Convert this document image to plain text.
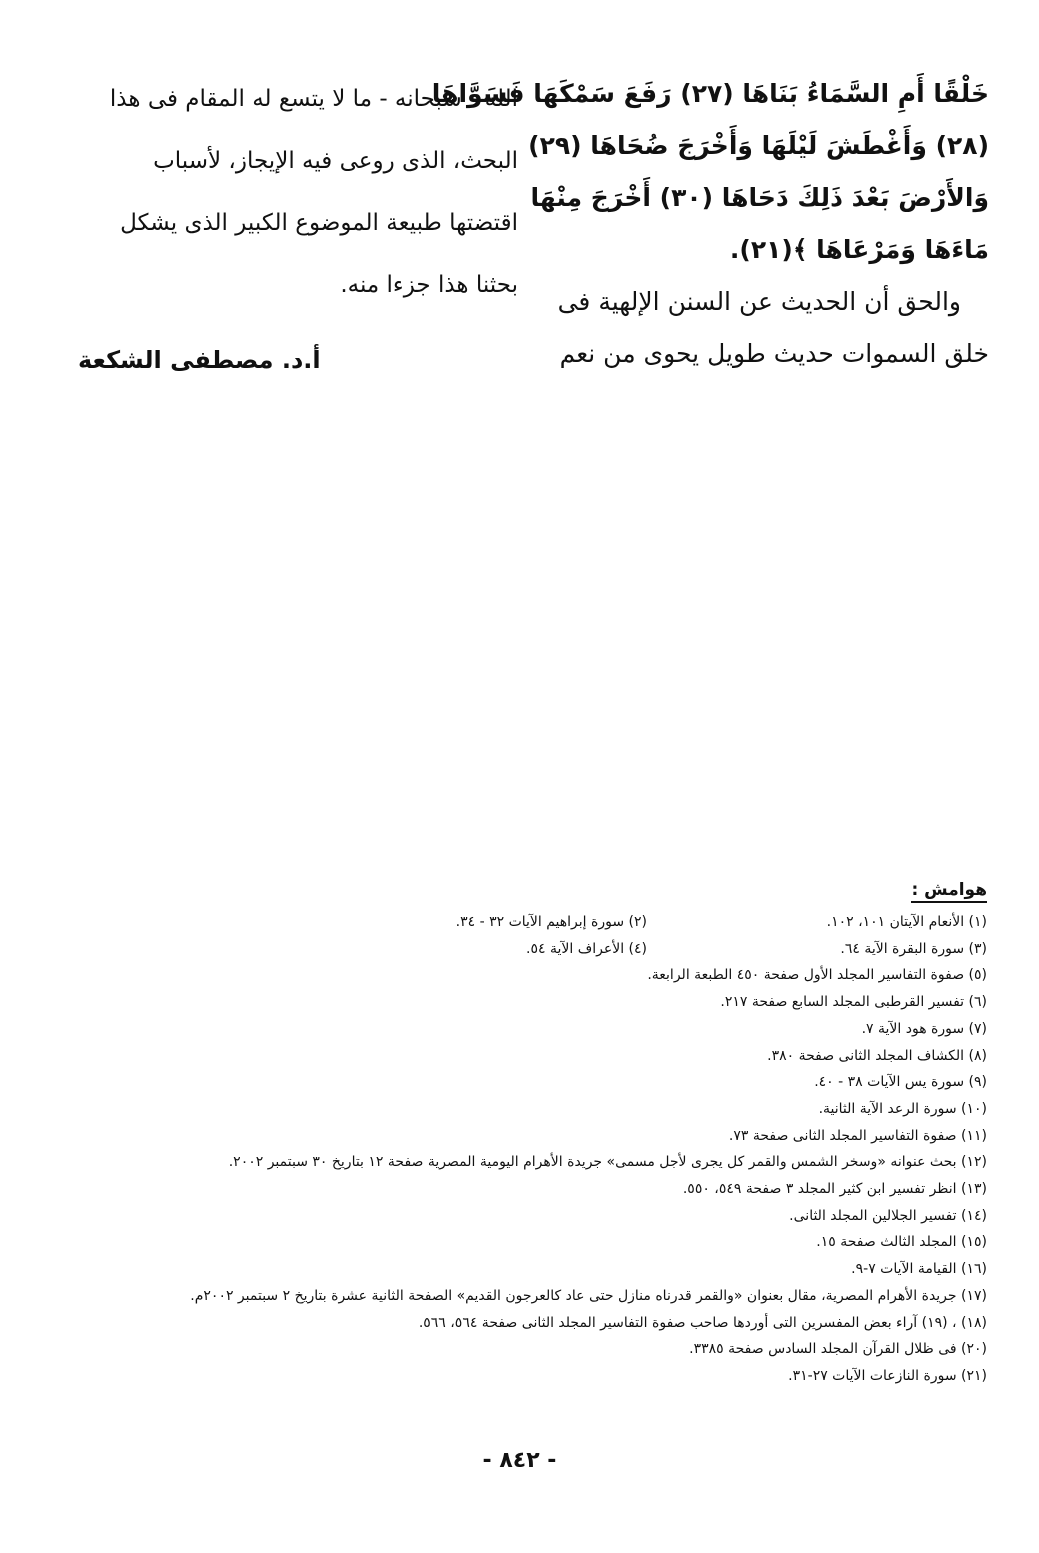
خَلْقًا أَمِ السَّمَاءُ بَنَاهَا (٢٧) رَفَعَ سَمْكَهَا فَسَوَّاهَا
(٢٨) وَأَغْطَشَ لَيْلَهَا وَأَخْرَجَ ضُحَاهَا (٢٩)
وَالأَرْضَ بَعْدَ ذَلِكَ دَحَاهَا (٣٠) أَخْرَجَ مِنْهَا
مَاءَهَا وَمَرْعَاهَا ﴾(٢١).
والحق أن الحديث عن السنن الإلهية فى
خلق السموات حديث طويل يحوى من نعم
الله - سبحانه - ما لا يتسع له المقام فى هذا
البحث، الذى روعى فيه الإيجاز، لأسباب
اقتضتها طبيعة الموضوع الكبير الذى يشكل
بحثنا هذا جزءا منه.
أ.د. مصطفى الشكعة
هوامش :
(١) الأنعام الآيتان ١٠١، ١٠٢.(٢) سورة إبراهيم الآيات ٣٢ - ٣٤.
(٣) سورة البقرة الآية ٦٤.(٤) الأعراف الآية ٥٤.
(٥) صفوة التفاسير المجلد الأول صفحة ٤٥٠ الطبعة الرابعة.
(٦) تفسير القرطبى المجلد السابع صفحة ٢١٧.
(٧) سورة هود الآية ٧.
(٨) الكشاف المجلد الثانى صفحة ٣٨٠.
(٩) سورة يس الآيات ٣٨ - ٤٠.
(١٠) سورة الرعد الآية الثانية.
(١١) صفوة التفاسير المجلد الثانى صفحة ٧٣.
(١٢) بحث عنوانه «وسخر الشمس والقمر كل يجرى لأجل مسمى» جريدة الأهرام اليومية المصرية صفحة ١٢ بتاريخ ٣٠ سبتمبر ٢٠٠٢.
(١٣) انظر تفسير ابن كثير المجلد ٣ صفحة ٥٤٩، ٥٥٠.
(١٤) تفسير الجلالين المجلد الثانى.
(١٥) المجلد الثالث صفحة ١٥.
(١٦) القيامة الآيات ٧-٩.
(١٧) جريدة الأهرام المصرية، مقال بعنوان «والقمر قدرناه منازل حتى عاد كالعرجون القديم» الصفحة الثانية عشرة بتاريخ ٢ سبتمبر ٢٠٠٢م.
(١٨) ، (١٩) آراء بعض المفسرين التى أوردها صاحب صفوة التفاسير المجلد الثانى صفحة ٥٦٤، ٥٦٦.
(٢٠) فى ظلال القرآن المجلد السادس صفحة ٣٣٨٥.
(٢١) سورة النازعات الآيات ٢٧-٣١.
- ٨٤٢ -
